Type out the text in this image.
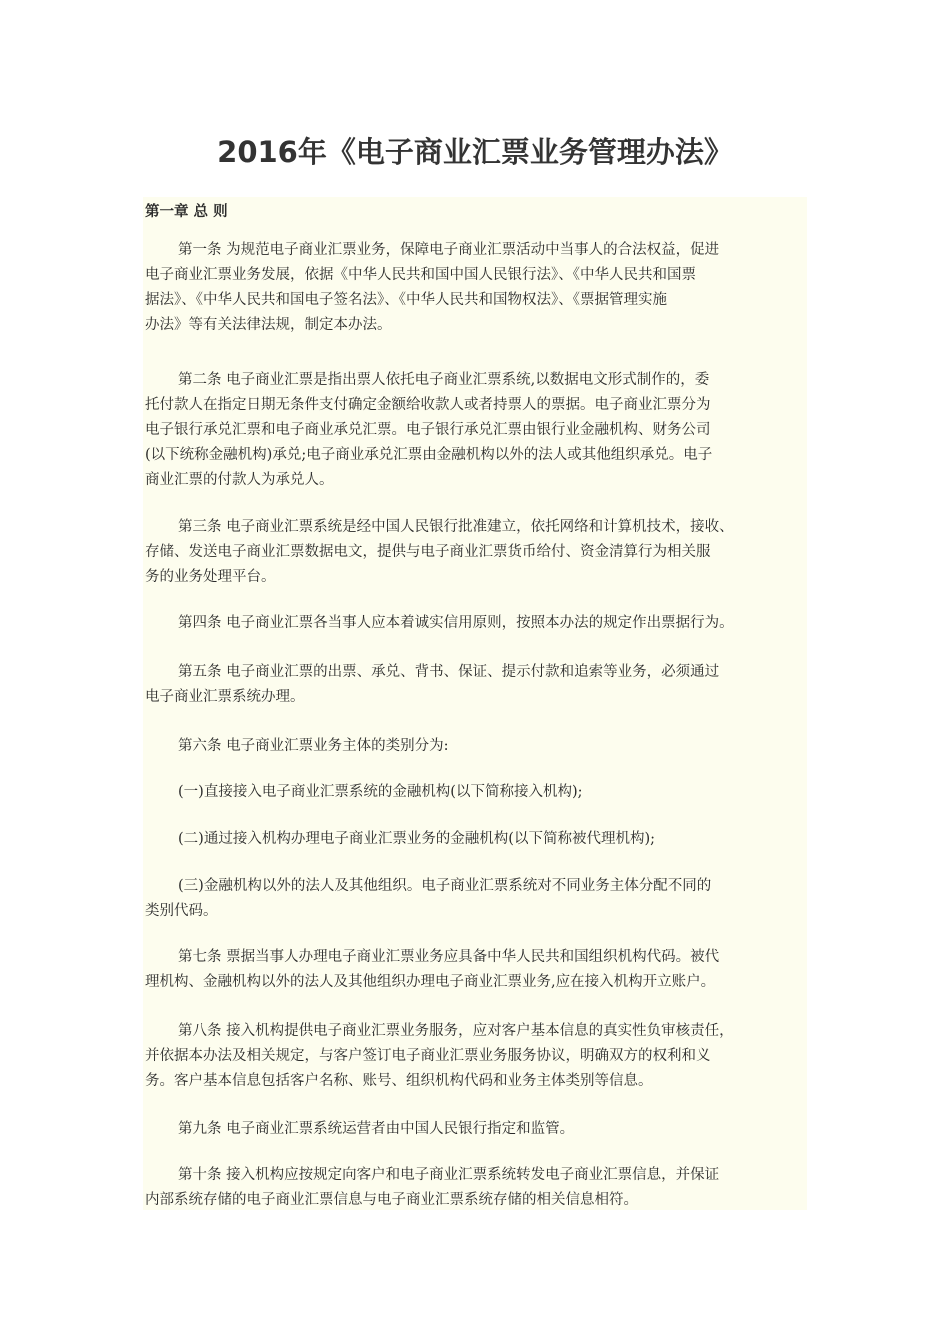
2016年《电子商业汇票业务管理办法》
第一章 总 则
第一条 为规范电子商业汇票业务，保障电子商业汇票活动中当事人的合法权益，促进
电子商业汇票业务发展，依据《中华人民共和国中国人民银行法》、《中华人民共和国票
据法》、《中华人民共和国电子签名法》、《中华人民共和国物权法》、《票据管理实施
办法》等有关法律法规，制定本办法。
第二条 电子商业汇票是指出票人依托电子商业汇票系统,以数据电文形式制作的，委
托付款人在指定日期无条件支付确定金额给收款人或者持票人的票据。电子商业汇票分为
电子银行承兑汇票和电子商业承兑汇票。电子银行承兑汇票由银行业金融机构、财务公司
(以下统称金融机构)承兑;电子商业承兑汇票由金融机构以外的法人或其他组织承兑。电子
商业汇票的付款人为承兑人。
第三条 电子商业汇票系统是经中国人民银行批准建立，依托网络和计算机技术，接收、
存储、发送电子商业汇票数据电文，提供与电子商业汇票货币给付、资金清算行为相关服
务的业务处理平台。
第四条 电子商业汇票各当事人应本着诚实信用原则，按照本办法的规定作出票据行为。
第五条 电子商业汇票的出票、承兑、背书、保证、提示付款和追索等业务，必须通过
电子商业汇票系统办理。
第六条 电子商业汇票业务主体的类别分为:
(一)直接接入电子商业汇票系统的金融机构(以下简称接入机构);
(二)通过接入机构办理电子商业汇票业务的金融机构(以下简称被代理机构);
(三)金融机构以外的法人及其他组织。电子商业汇票系统对不同业务主体分配不同的
类别代码。
第七条 票据当事人办理电子商业汇票业务应具备中华人民共和国组织机构代码。被代
理机构、金融机构以外的法人及其他组织办理电子商业汇票业务,应在接入机构开立账户。
第八条 接入机构提供电子商业汇票业务服务，应对客户基本信息的真实性负审核责任，
并依据本办法及相关规定，与客户签订电子商业汇票业务服务协议，明确双方的权利和义
务。客户基本信息包括客户名称、账号、组织机构代码和业务主体类别等信息。
第九条 电子商业汇票系统运营者由中国人民银行指定和监管。
第十条 接入机构应按规定向客户和电子商业汇票系统转发电子商业汇票信息，并保证
内部系统存储的电子商业汇票信息与电子商业汇票系统存储的相关信息相符。
